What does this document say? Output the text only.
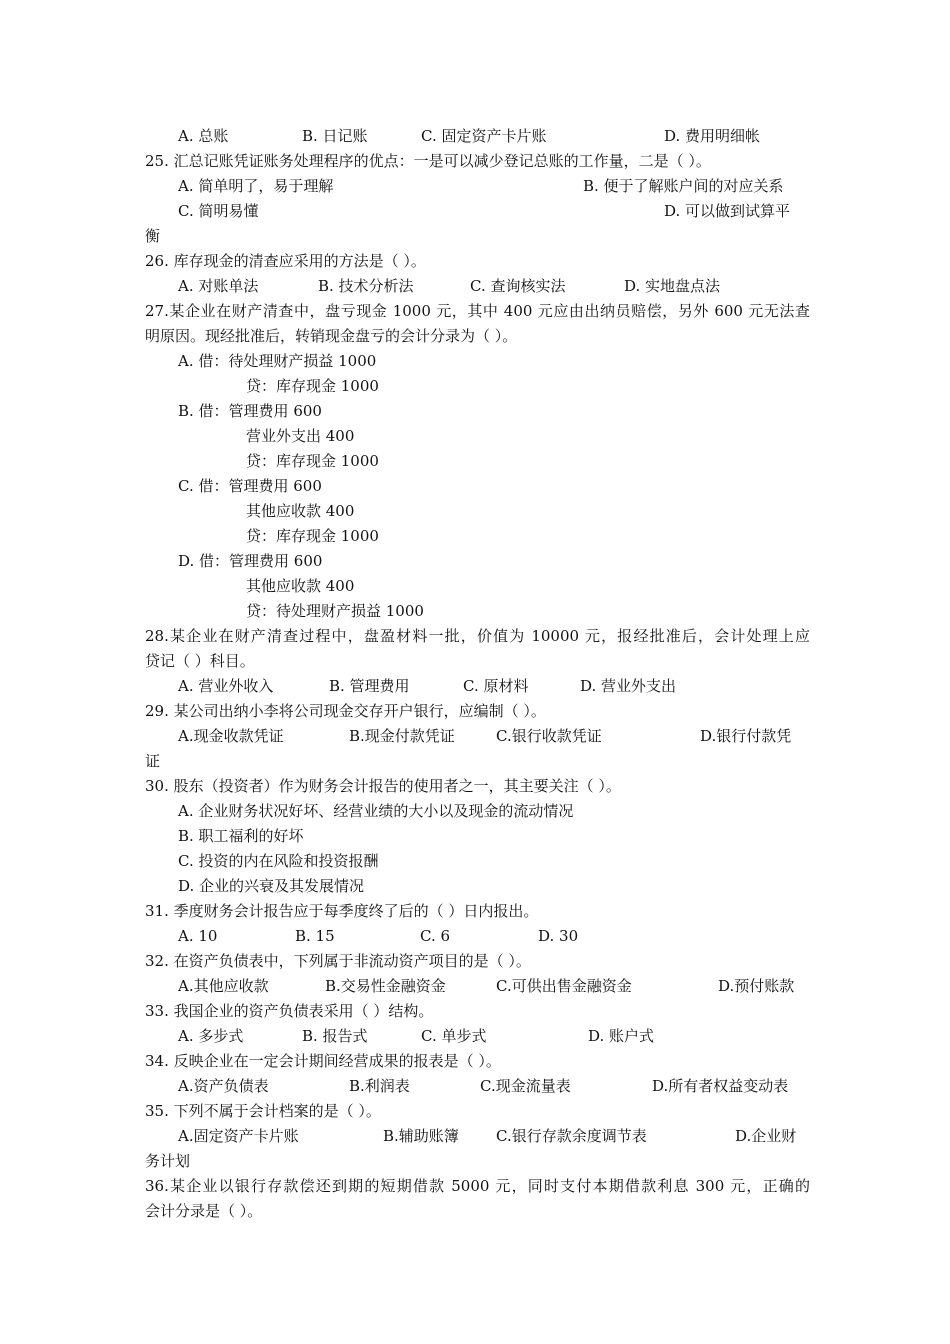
A. 总账	B. 日记账	C. 固定资产卡片账	D. 费用明细帐
25. 汇总记账凭证账务处理程序的优点：一是可以减少登记总账的工作量，二是（ ）。
A. 简单明了，易于理解	B. 便于了解账户间的对应关系
C. 简明易懂	D. 可以做到试算平
衡
26. 库存现金的清查应采用的方法是（ ）。
A. 对账单法	B. 技术分析法	C. 查询核实法	D. 实地盘点法
27.某企业在财产清查中，盘亏现金 1000 元，其中 400 元应由出纳员赔偿，另外 600 元无法查
明原因。现经批准后，转销现金盘亏的会计分录为（ ）。
A. 借：待处理财产损益 1000
贷：库存现金 1000
B. 借：管理费用 600
营业外支出 400
贷：库存现金 1000
C. 借：管理费用 600
其他应收款 400
贷：库存现金 1000
D. 借：管理费用 600
其他应收款 400
贷：待处理财产损益 1000
28.某企业在财产清查过程中，盘盈材料一批，价值为 10000 元，报经批准后，会计处理上应
贷记（ ）科目。
A. 营业外收入	B. 管理费用	C. 原材料	D. 营业外支出
29. 某公司出纳小李将公司现金交存开户银行，应编制（ ）。
A.现金收款凭证	B.现金付款凭证	C.银行收款凭证	D.银行付款凭
证
30. 股东（投资者）作为财务会计报告的使用者之一，其主要关注（ ）。
A. 企业财务状况好坏、经营业绩的大小以及现金的流动情况
B. 职工福利的好坏
C. 投资的内在风险和投资报酬
D. 企业的兴衰及其发展情况
31. 季度财务会计报告应于每季度终了后的（ ）日内报出。
A. 10	B. 15	C. 6	D. 30
32. 在资产负债表中，下列属于非流动资产项目的是（ ）。
A.其他应收款	B.交易性金融资金	C.可供出售金融资金	D.预付账款
33. 我国企业的资产负债表采用（ ）结构。
A. 多步式	B. 报告式	C. 单步式	D. 账户式
34. 反映企业在一定会计期间经营成果的报表是（ ）。
A.资产负债表	B.利润表	C.现金流量表	D.所有者权益变动表
35. 下列不属于会计档案的是（ ）。
A.固定资产卡片账	B.辅助账簿 C.银行存款余度调节表	D.企业财
务计划
36.某企业以银行存款偿还到期的短期借款 5000 元，同时支付本期借款利息 300 元，正确的
会计分录是（ ）。
